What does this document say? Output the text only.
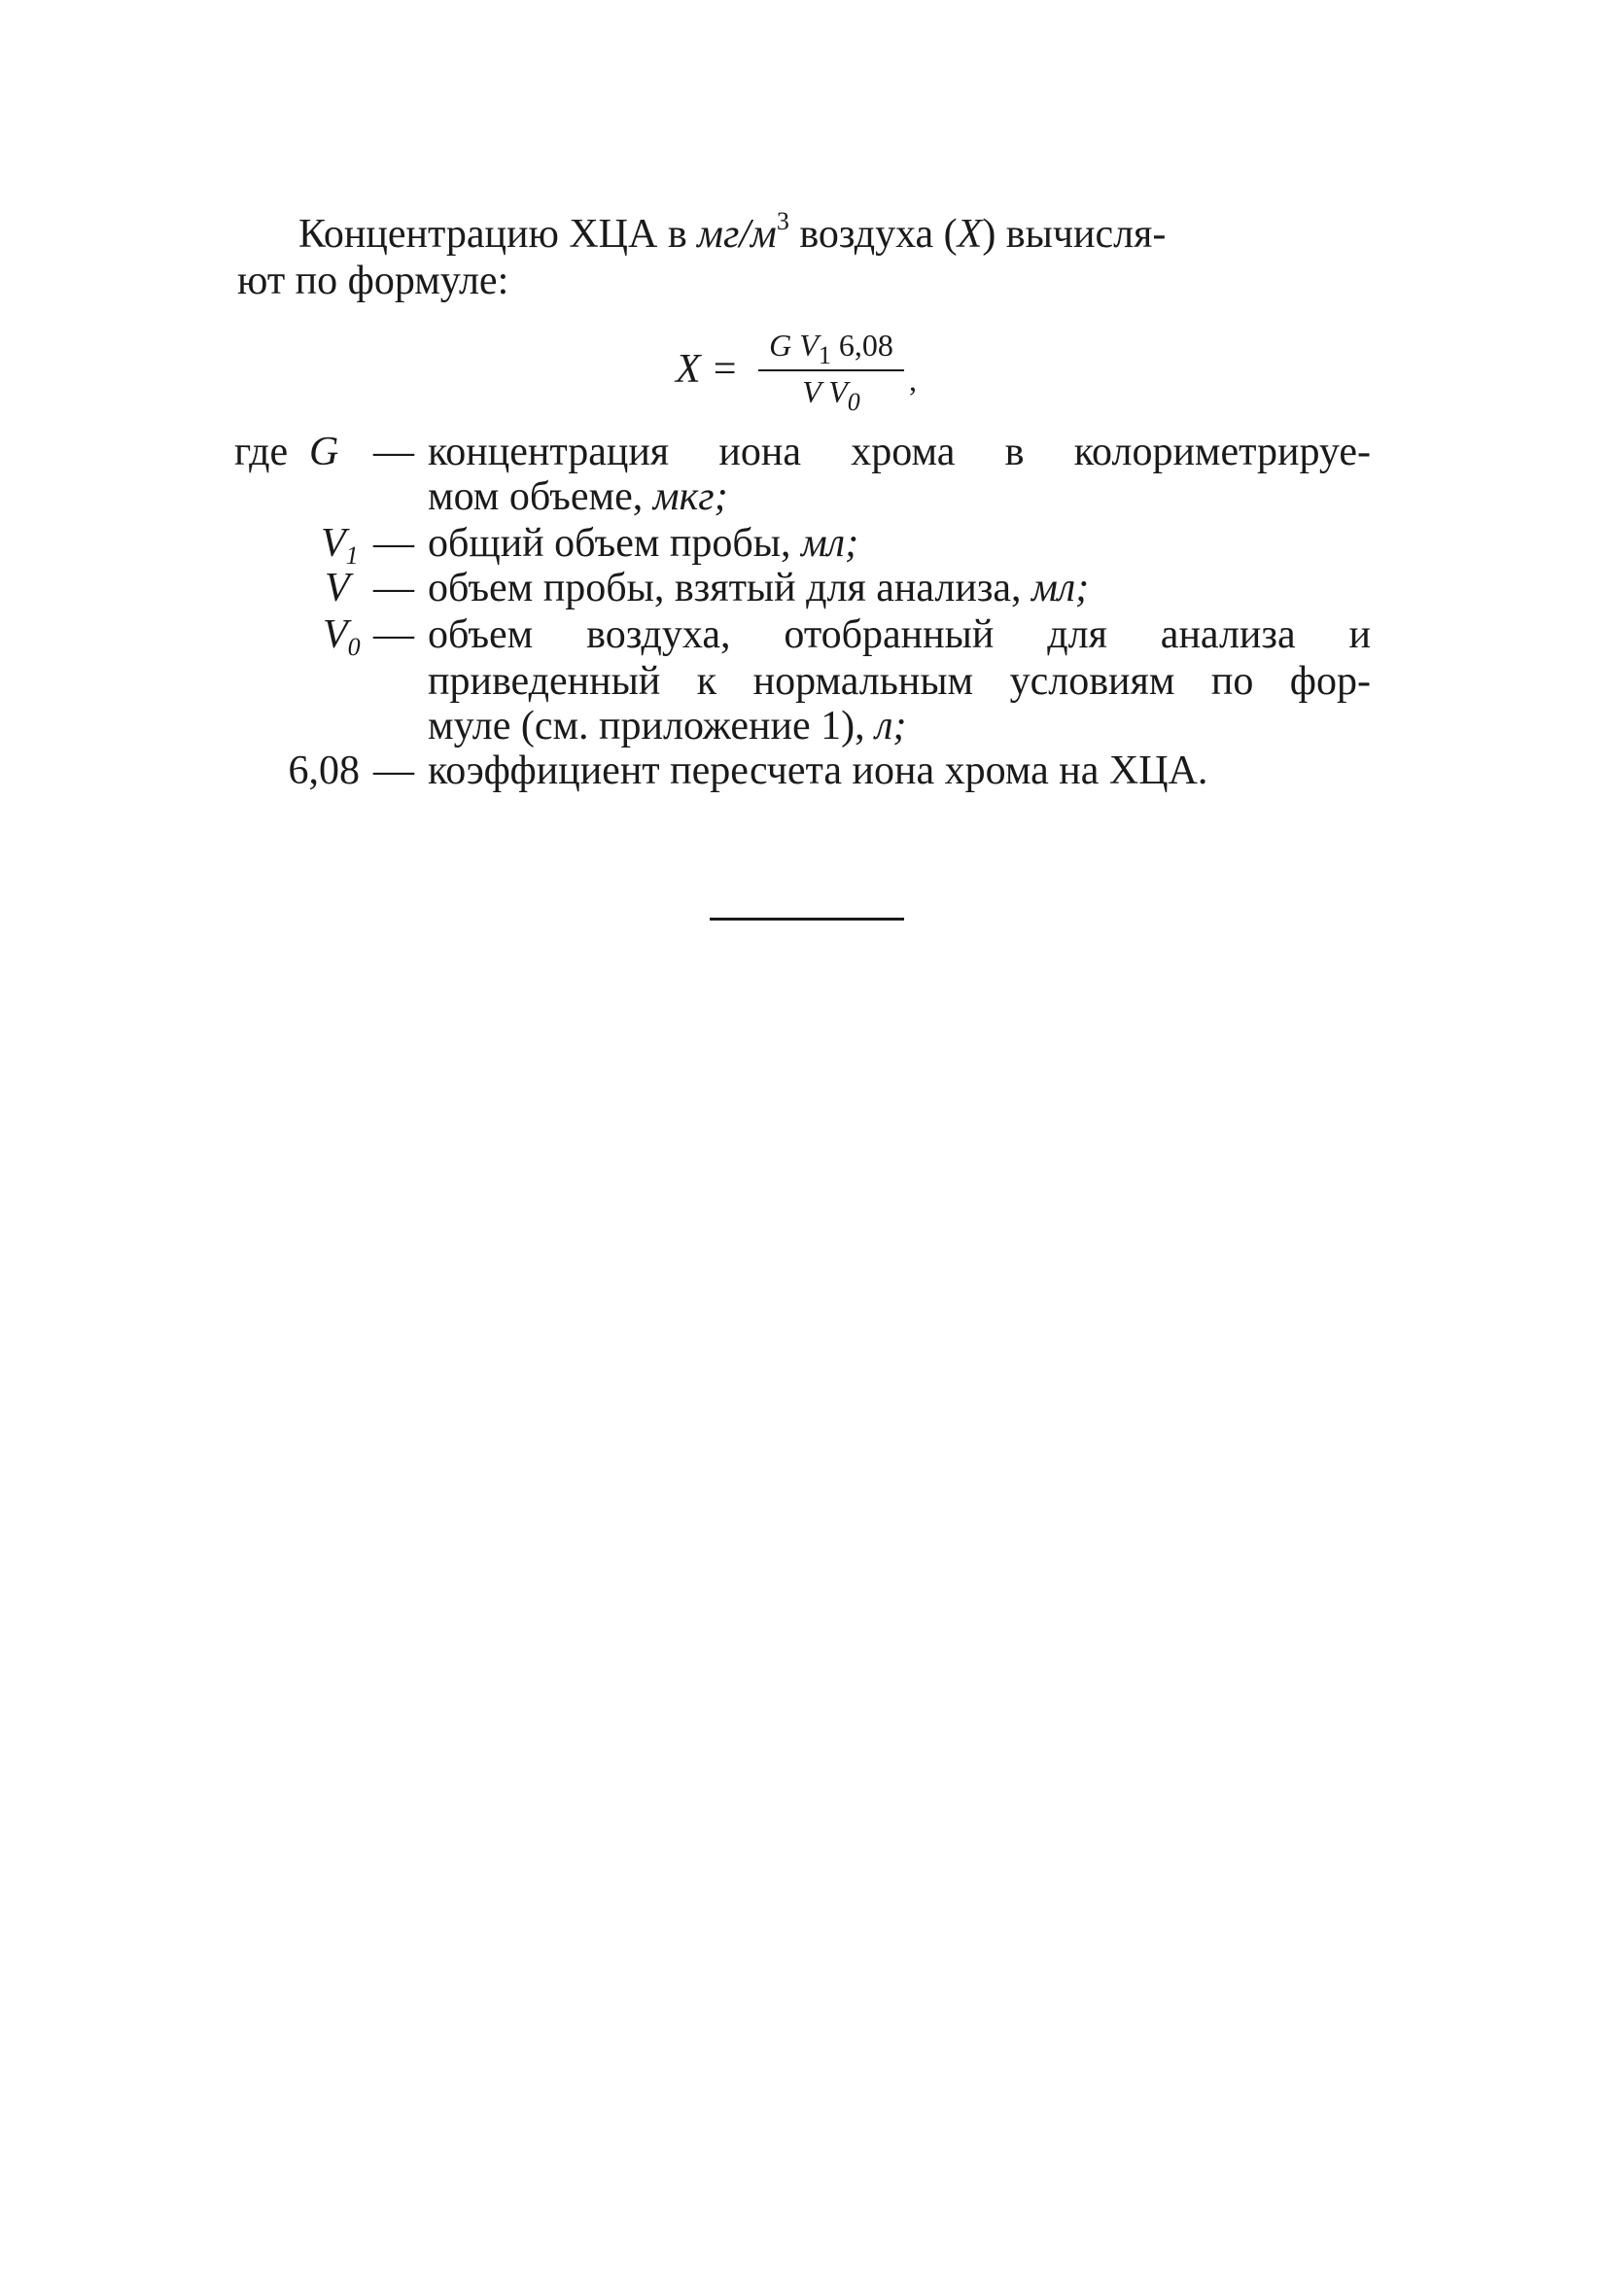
Концентрацию ХЦА в $мг/м^3$ воздуха (X) вычисля-
ют по формуле:
X =
G $V_1$ 6,08
V $V_0$
,
где G — концентрация иона хрома в колориметрируе-
мом объеме, мкг;
$V_1$ — общий объем пробы, мл;
V — объем пробы, взятый для анализа, мл;
$V_0$ — объем воздуха, отобранный для анализа и
приведенный к нормальным условиям по фор-
муле (см. приложение 1), л;
6,08 — коэффициент пересчета иона хрома на ХЦА.
